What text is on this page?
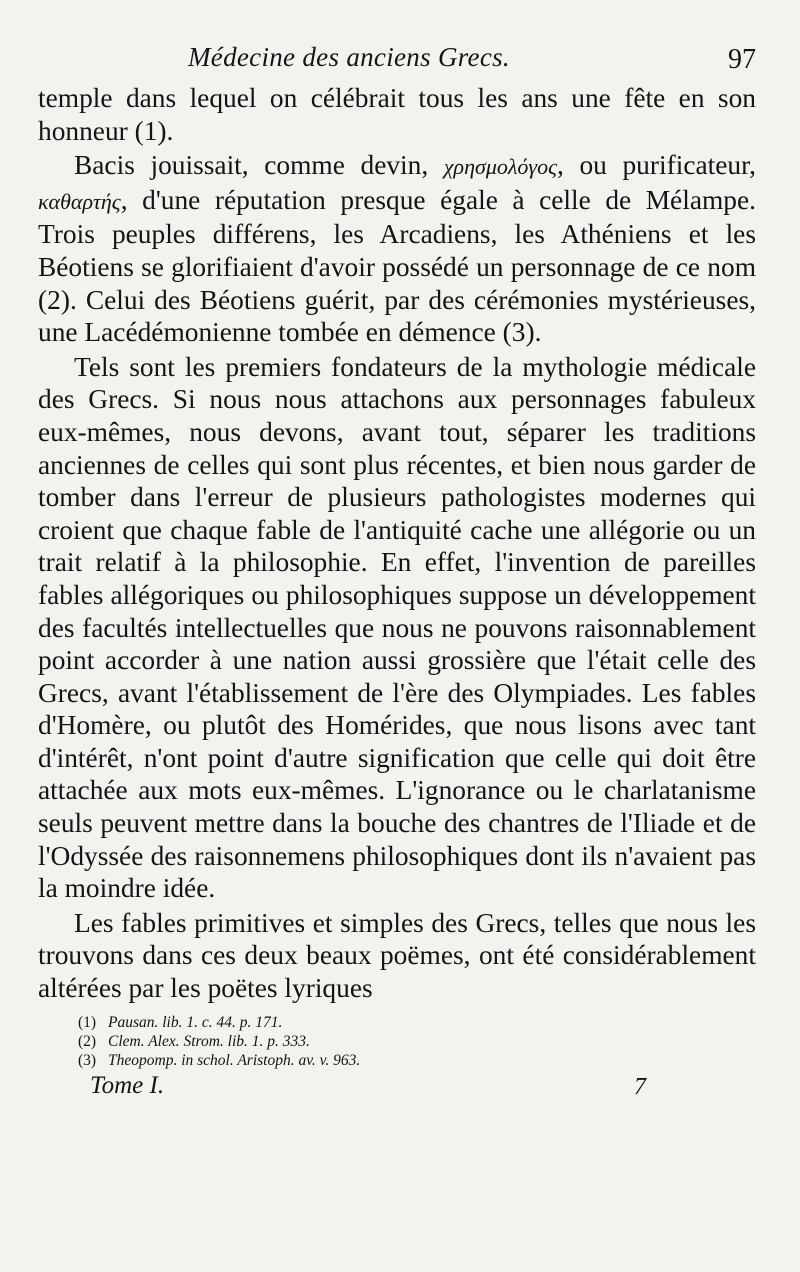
Médecine des anciens Grecs.	97

temple dans lequel on célébrait tous les ans une fête en son honneur (1).

Bacis jouissait, comme devin, χρησμολόγος, ou purificateur, καθαρτής, d'une réputation presque égale à celle de Mélampe. Trois peuples différens, les Arcadiens, les Athéniens et les Béotiens se glorifiaient d'avoir possédé un personnage de ce nom (2). Celui des Béotiens guérit, par des cérémonies mystérieuses, une Lacédémonienne tombée en démence (3).

Tels sont les premiers fondateurs de la mythologie médicale des Grecs. Si nous nous attachons aux personnages fabuleux eux-mêmes, nous devons, avant tout, séparer les traditions anciennes de celles qui sont plus récentes, et bien nous garder de tomber dans l'erreur de plusieurs pathologistes modernes qui croient que chaque fable de l'antiquité cache une allégorie ou un trait relatif à la philosophie. En effet, l'invention de pareilles fables allégoriques ou philosophiques suppose un développement des facultés intellectuelles que nous ne pouvons raisonnablement point accorder à une nation aussi grossière que l'était celle des Grecs, avant l'établissement de l'ère des Olympiades. Les fables d'Homère, ou plutôt des Homérides, que nous lisons avec tant d'intérêt, n'ont point d'autre signification que celle qui doit être attachée aux mots eux-mêmes. L'ignorance ou le charlatanisme seuls peuvent mettre dans la bouche des chantres de l'Iliade et de l'Odyssée des raisonnemens philosophiques dont ils n'avaient pas la moindre idée.

Les fables primitives et simples des Grecs, telles que nous les trouvons dans ces deux beaux poëmes, ont été considérablement altérées par les poëtes lyriques

(1) Pausan. lib. 1. c. 44. p. 171.
(2) Clem. Alex. Strom. lib. 1. p. 333.
(3) Theopomp. in schol. Aristoph. av. v. 963.
Tome I.	7
